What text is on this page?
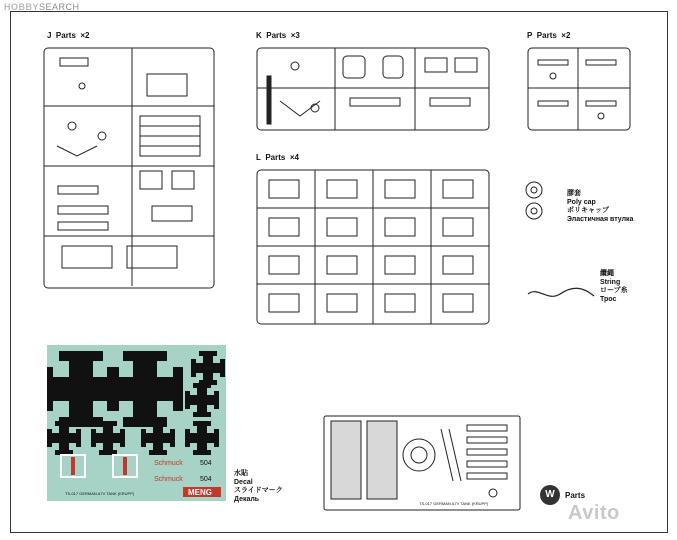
HOBBYSEARCH
J Parts ×2	K Parts ×3	P Parts ×2
L Parts ×4
膠套
Poly cap
ポリキャップ
Эластичная втулка
纜繩
String
ロープ糸
Трос
Schmuck
Schmuck
504
504
TS-017 GERMAN A7V TANK (KRUPP)	MENG
水貼
Decal
スライドマーク
Декаль
TS-017 GERMAN A7V TANK (KRUPP)
W	Parts
Avito
